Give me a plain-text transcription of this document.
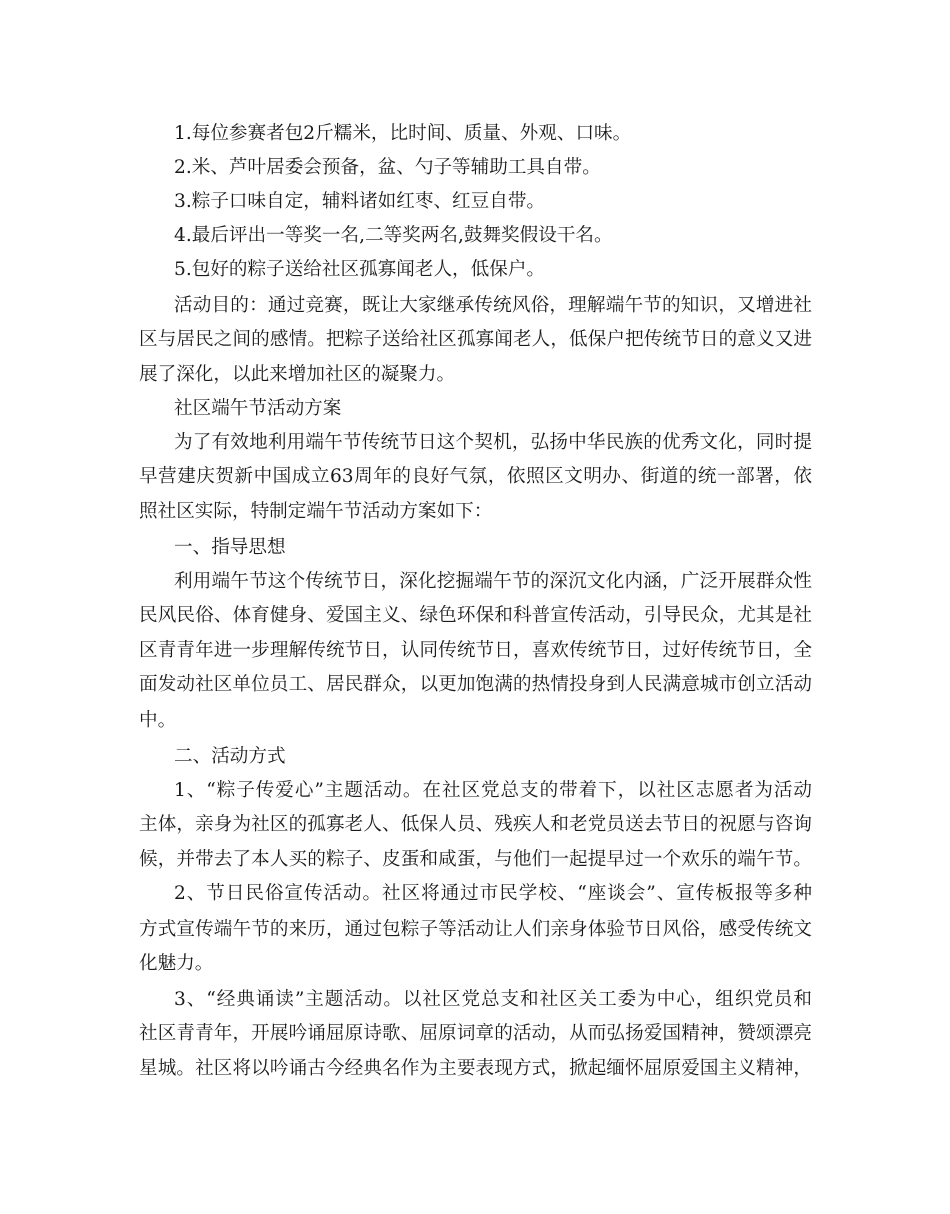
1.每位参赛者包2斤糯米，比时间、质量、外观、口味。
2.米、芦叶居委会预备，盆、勺子等辅助工具自带。
3.粽子口味自定，辅料诸如红枣、红豆自带。
4.最后评出一等奖一名,二等奖两名,鼓舞奖假设干名。
5.包好的粽子送给社区孤寡闻老人，低保户。
活动目的：通过竞赛，既让大家继承传统风俗，理解端午节的知识，又增进社
区与居民之间的感情。把粽子送给社区孤寡闻老人，低保户把传统节日的意义又进
展了深化，以此来增加社区的凝聚力。
社区端午节活动方案
为了有效地利用端午节传统节日这个契机，弘扬中华民族的优秀文化，同时提
早营建庆贺新中国成立63周年的良好气氛，依照区文明办、街道的统一部署，依
照社区实际，特制定端午节活动方案如下：
一、指导思想
利用端午节这个传统节日，深化挖掘端午节的深沉文化内涵，广泛开展群众性
民风民俗、体育健身、爱国主义、绿色环保和科普宣传活动，引导民众，尤其是社
区青青年进一步理解传统节日，认同传统节日，喜欢传统节日，过好传统节日，全
面发动社区单位员工、居民群众，以更加饱满的热情投身到人民满意城市创立活动
中。
二、活动方式
1、“粽子传爱心”主题活动。在社区党总支的带着下，以社区志愿者为活动
主体，亲身为社区的孤寡老人、低保人员、残疾人和老党员送去节日的祝愿与咨询
候，并带去了本人买的粽子、皮蛋和咸蛋，与他们一起提早过一个欢乐的端午节。
2、节日民俗宣传活动。社区将通过市民学校、“座谈会”、宣传板报等多种
方式宣传端午节的来历，通过包粽子等活动让人们亲身体验节日风俗，感受传统文
化魅力。
3、“经典诵读”主题活动。以社区党总支和社区关工委为中心，组织党员和
社区青青年，开展吟诵屈原诗歌、屈原词章的活动，从而弘扬爱国精神，赞颂漂亮
星城。社区将以吟诵古今经典名作为主要表现方式，掀起缅怀屈原爱国主义精神，
